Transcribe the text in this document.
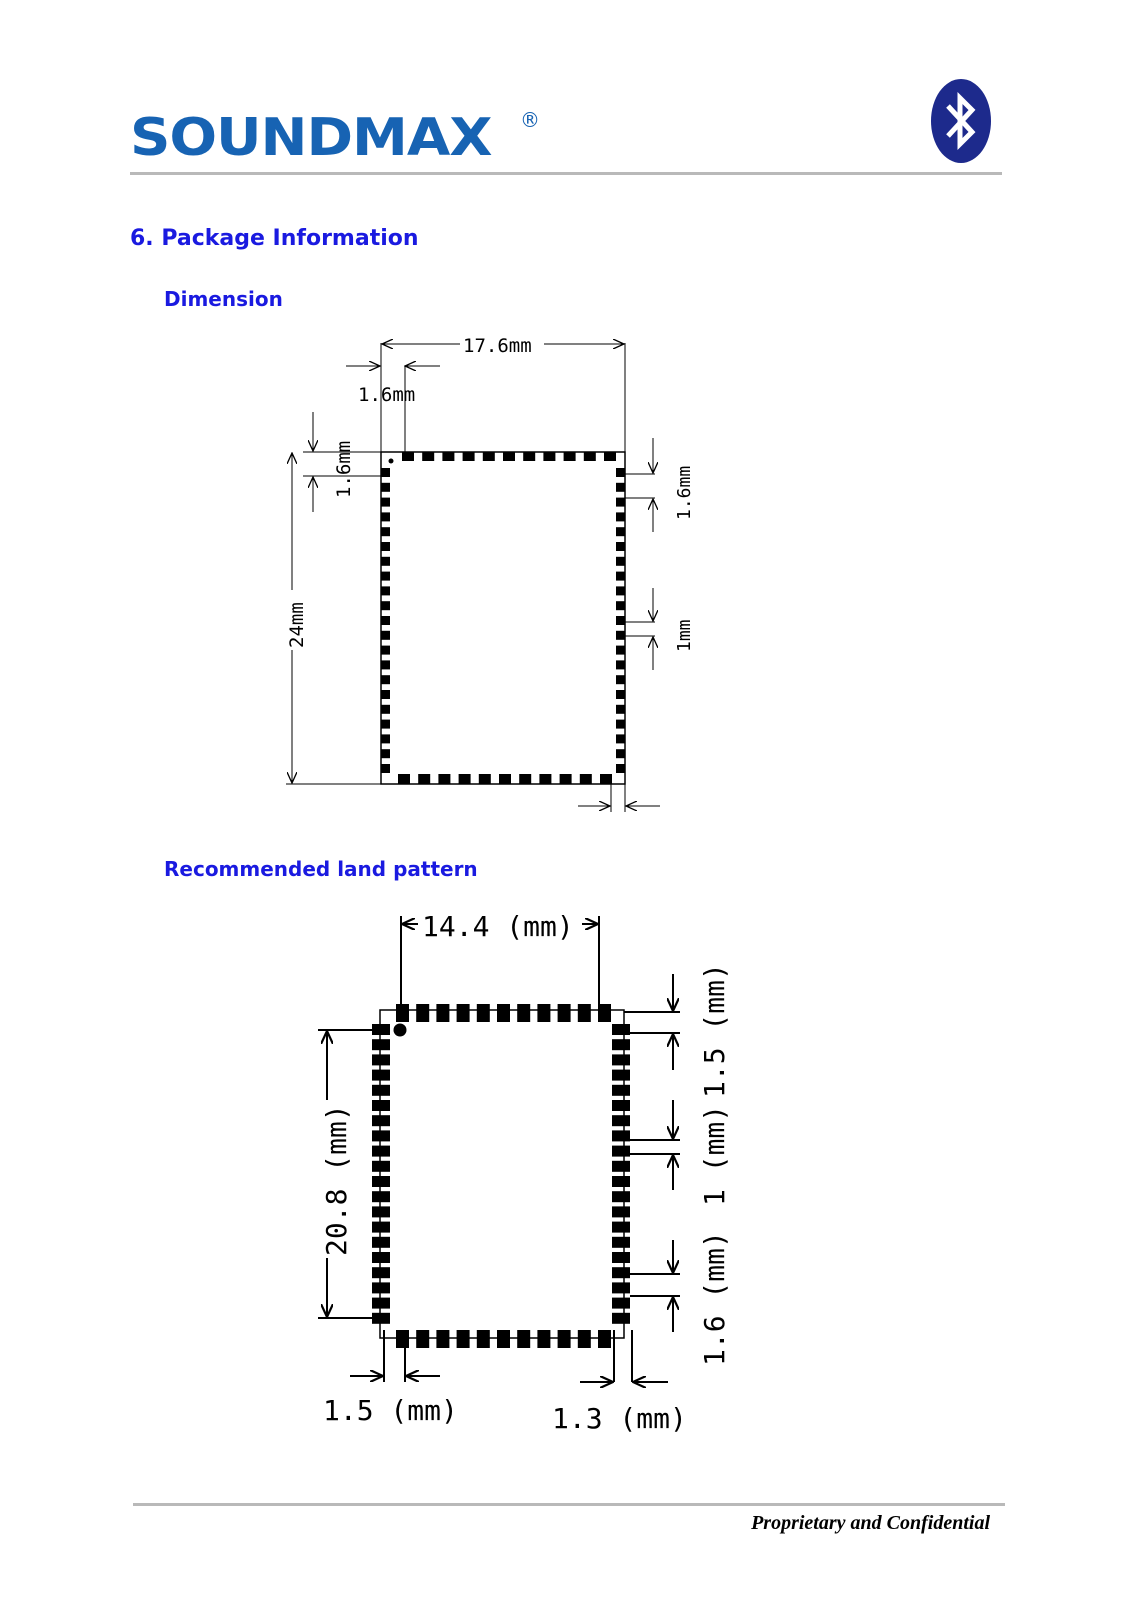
SOUNDMAX ®
6. Package Information
Dimension
Recommended land pattern
17.6mm
1.6mm
1.6mm
24mm
1.6mm
1mm
14.4 (mm)
20.8 (mm)
1.5 (mm)
1 (mm)
1.6 (mm)
1.5 (mm)	1.3 (mm)
Proprietary and Confidential
